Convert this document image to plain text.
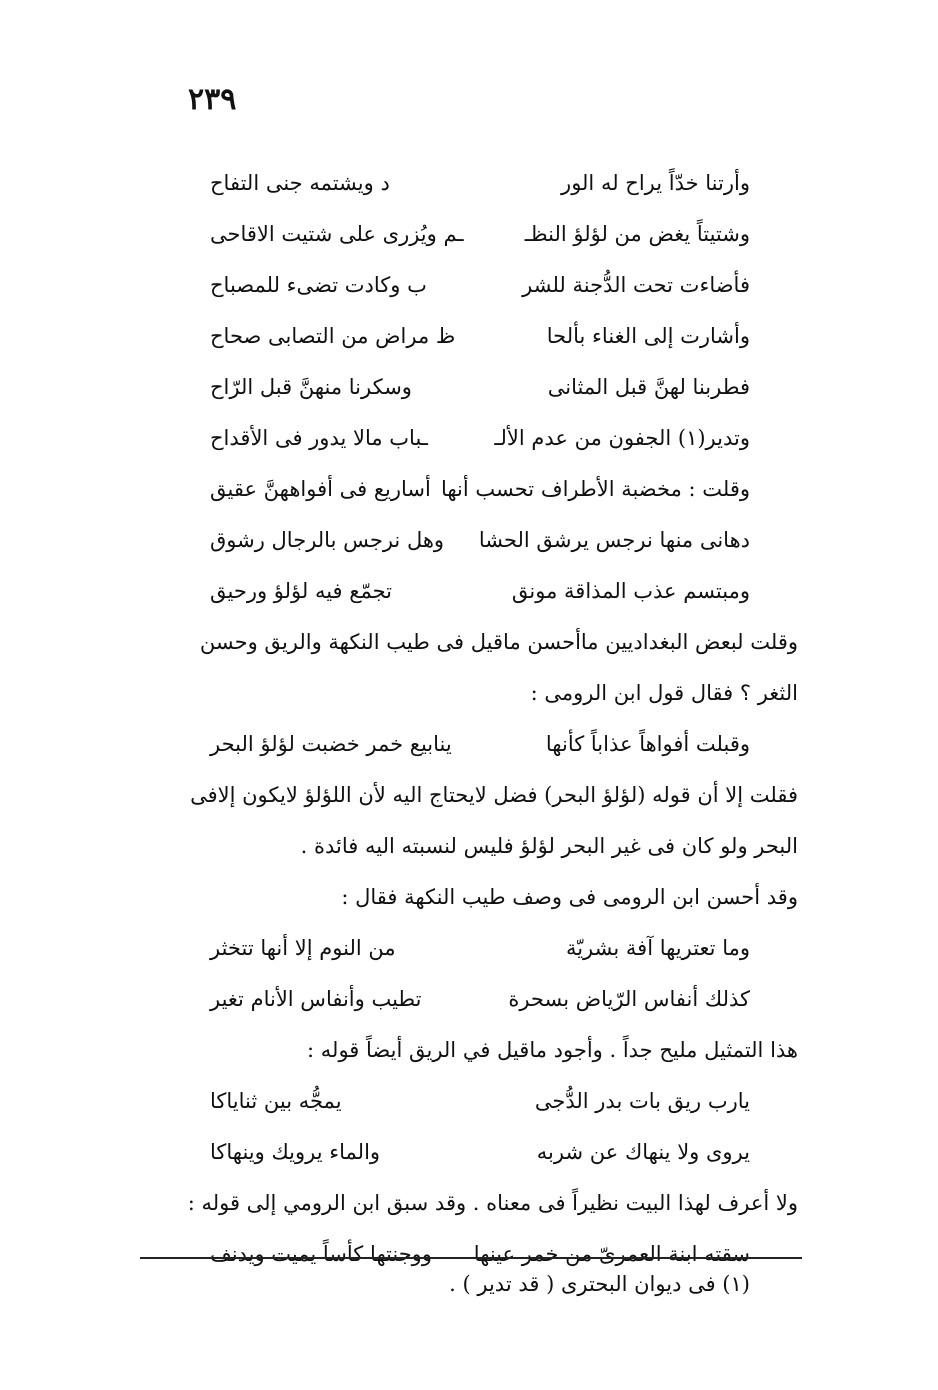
٢٣٩
وأرتنا خدّاً يراح له الور
د ويشتمه جنى التفاح
وشتيتاً يغض من لؤلؤ النظـ
ـم ويُزرى على شتيت الاقاحى
فأضاءت تحت الدُّجنة للشر
ب وكادت تضىء للمصباح
وأشارت إلى الغناء بألحا
ظ مراض من التصابى صحاح
فطربنا لهنَّ قبل المثانى
وسكرنا منهنَّ قبل الرّاح
وتدير(١) الجفون من عدم الألـ
ـباب مالا يدور فى الأقداح
وقلت : مخضبة الأطراف تحسب أنها
أساريع فى أفواههنَّ عقيق
دهانى منها نرجس يرشق الحشا
وهل نرجس بالرجال رشوق
ومبتسم عذب المذاقة مونق
تجمّع فيه لؤلؤ ورحيق
وقلت لبعض البغداديين ماأحسن ماقيل فى طيب النكهة والريق وحسن
الثغر ؟ فقال قول ابن الرومى :
وقبلت أفواهاً عذاباً كأنها
ينابيع خمر خضبت لؤلؤ البحر
فقلت إلا أن قوله (لؤلؤ البحر) فضل لايحتاج اليه لأن اللؤلؤ لايكون إلافى
البحر ولو كان فى غير البحر لؤلؤ فليس لنسبته اليه فائدة .
وقد أحسن ابن الرومى فى وصف طيب النكهة فقال :
وما تعتريها آفة بشريّة
من النوم إلا أنها تتخثر
كذلك أنفاس الرّياض بسحرة
تطيب وأنفاس الأنام تغير
هذا التمثيل مليح جداً . وأجود ماقيل في الريق أيضاً قوله :
يارب ريق بات بدر الدُّجى
يمجُّه بين ثناياكا
يروى ولا ينهاك عن شربه
والماء يرويك وينهاكا
ولا أعرف لهذا البيت نظيراً فى معناه . وقد سبق ابن الرومي إلى قوله :
سقته ابنة العمرىّ من خمر عينها
ووجنتها كأساً يميت ويدنف
(١) فى ديوان البحترى ( قد تدير ) .
